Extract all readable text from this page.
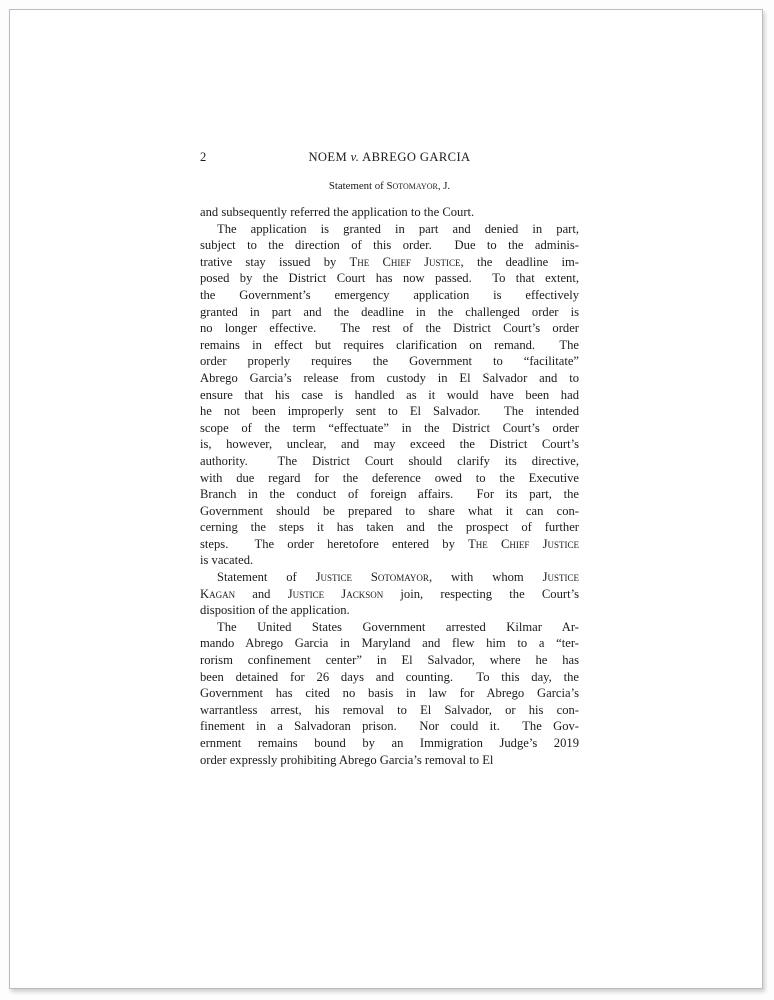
2	NOEM v. ABREGO GARCIA
Statement of Sotomayor, J.
and subsequently referred the application to the Court.
The application is granted in part and denied in part,
subject to the direction of this order.  Due to the adminis-
trative stay issued by The Chief Justice, the deadline im-
posed by the District Court has now passed.  To that extent,
the Government’s emergency application is effectively
granted in part and the deadline in the challenged order is
no longer effective.  The rest of the District Court’s order
remains in effect but requires clarification on remand.  The
order properly requires the Government to “facilitate”
Abrego Garcia’s release from custody in El Salvador and to
ensure that his case is handled as it would have been had
he not been improperly sent to El Salvador.  The intended
scope of the term “effectuate” in the District Court’s order
is, however, unclear, and may exceed the District Court’s
authority.  The District Court should clarify its directive,
with due regard for the deference owed to the Executive
Branch in the conduct of foreign affairs.  For its part, the
Government should be prepared to share what it can con-
cerning the steps it has taken and the prospect of further
steps.  The order heretofore entered by The Chief Justice
is vacated.
Statement of Justice Sotomayor, with whom Justice
Kagan and Justice Jackson join, respecting the Court’s
disposition of the application.
The United States Government arrested Kilmar Ar-
mando Abrego Garcia in Maryland and flew him to a “ter-
rorism confinement center” in El Salvador, where he has
been detained for 26 days and counting.  To this day, the
Government has cited no basis in law for Abrego Garcia’s
warrantless arrest, his removal to El Salvador, or his con-
finement in a Salvadoran prison.  Nor could it.  The Gov-
ernment remains bound by an Immigration Judge’s 2019
order expressly prohibiting Abrego Garcia’s removal to El
